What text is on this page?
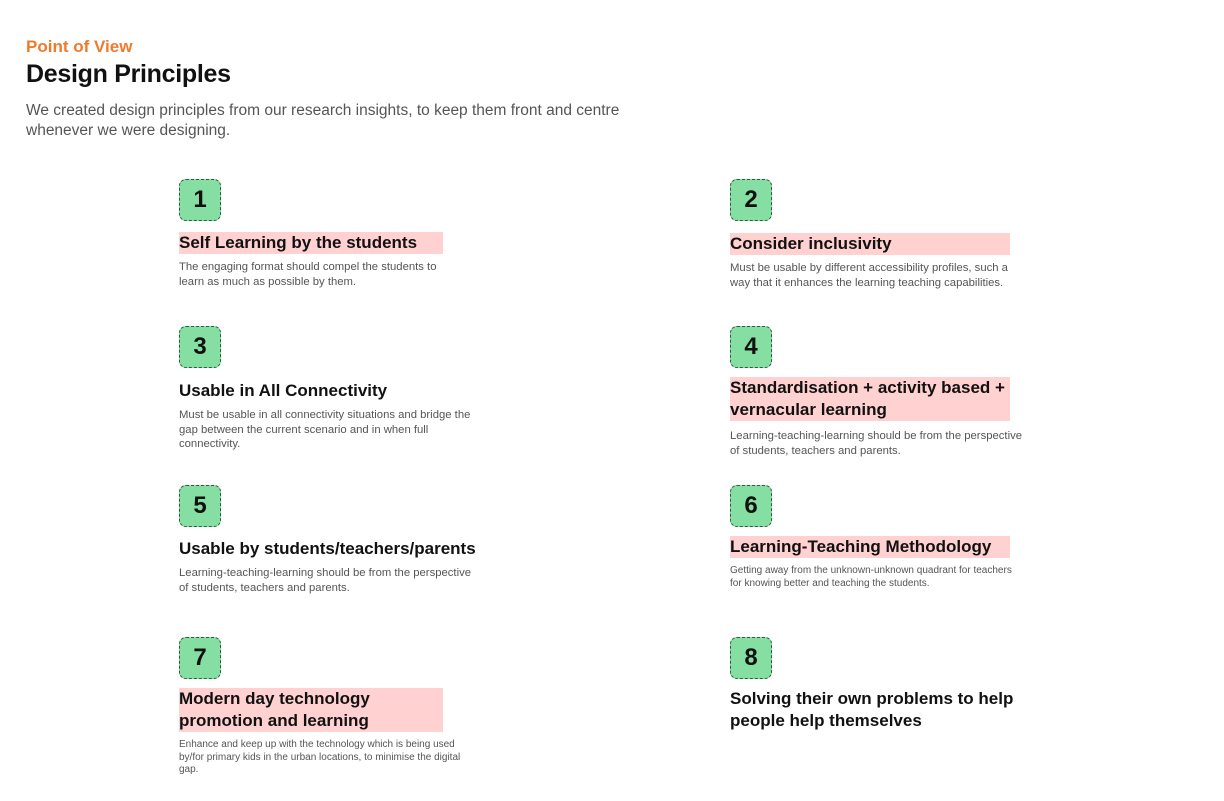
Point of View
Design Principles
We created design principles from our research insights, to keep them front and centre whenever we were designing.
1
Self Learning by the students
The engaging format should compel the students to learn as much as possible by them.
2
Consider inclusivity
Must be usable by different accessibility profiles, such a way that it enhances the learning teaching capabilities.
3
Usable in All Connectivity
Must be usable in all connectivity situations and bridge the gap between the current scenario and in when full connectivity.
4
Standardisation + activity based + vernacular learning
Learning-teaching-learning should be from the perspective of students, teachers and parents.
5
Usable by students/teachers/parents
Learning-teaching-learning should be from the perspective of students, teachers and parents.
6
Learning-Teaching Methodology
Getting away from the unknown-unknown quadrant for teachers for knowing better and teaching the students.
7
Modern day technology promotion and learning
Enhance and keep up with the technology which is being used by/for primary kids in the urban locations, to minimise the digital gap.
8
Solving their own problems to help people help themselves
